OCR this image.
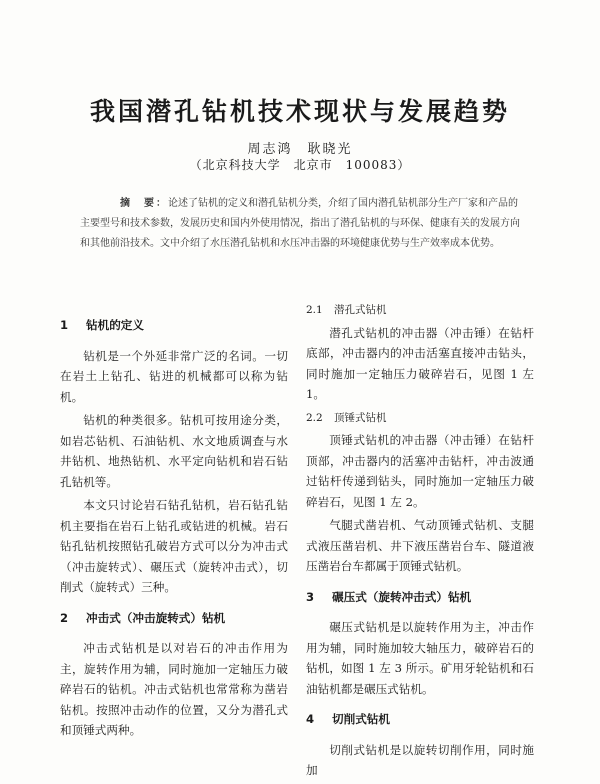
我国潜孔钻机技术现状与发展趋势
周志鸿　耿晓光
（北京科技大学　北京市　100083）
摘　要：论述了钻机的定义和潜孔钻机分类，介绍了国内潜孔钻机部分生产厂家和产品的主要型号和技术参数，发展历史和国内外使用情况，指出了潜孔钻机的与环保、健康有关的发展方向和其他前沿技术。文中介绍了水压潜孔钻机和水压冲击器的环境健康优势与生产效率成本优势。
1 钻机的定义

钻机是一个外延非常广泛的名词。一切在岩土上钻孔、钻进的机械都可以称为钻机。

钻机的种类很多。钻机可按用途分类，如岩芯钻机、石油钻机、水文地质调查与水井钻机、地热钻机、水平定向钻机和岩石钻孔钻机等。

本文只讨论岩石钻孔钻机，岩石钻孔钻机主要指在岩石上钻孔或钻进的机械。岩石钻孔钻机按照钻孔破岩方式可以分为冲击式（冲击旋转式）、碾压式（旋转冲击式），切削式（旋转式）三种。

2 冲击式（冲击旋转式）钻机

冲击式钻机是以对岩石的冲击作用为主，旋转作用为辅，同时施加一定轴压力破碎岩石的钻机。冲击式钻机也常常称为凿岩钻机。按照冲击动作的位置，又分为潜孔式和顶锤式两种。

2.1 潜孔式钻机

潜孔式钻机的冲击器（冲击锤）在钻杆底部，冲击器内的冲击活塞直接冲击钻头，同时施加一定轴压力破碎岩石，见图 1 左 1。

2.2 顶锤式钻机

顶锤式钻机的冲击器（冲击锤）在钻杆顶部，冲击器内的活塞冲击钻杆，冲击波通过钻杆传递到钻头，同时施加一定轴压力破碎岩石，见图 1 左 2。

气腿式凿岩机、气动顶锤式钻机、支腿式液压凿岩机、井下液压凿岩台车、隧道液压凿岩台车都属于顶锤式钻机。

3 碾压式（旋转冲击式）钻机

碾压式钻机是以旋转作用为主，冲击作用为辅，同时施加较大轴压力，破碎岩石的钻机，如图 1 左 3 所示。矿用牙轮钻机和石油钻机都是碾压式钻机。

4 切削式钻机

切削式钻机是以旋转切削作用，同时施加
